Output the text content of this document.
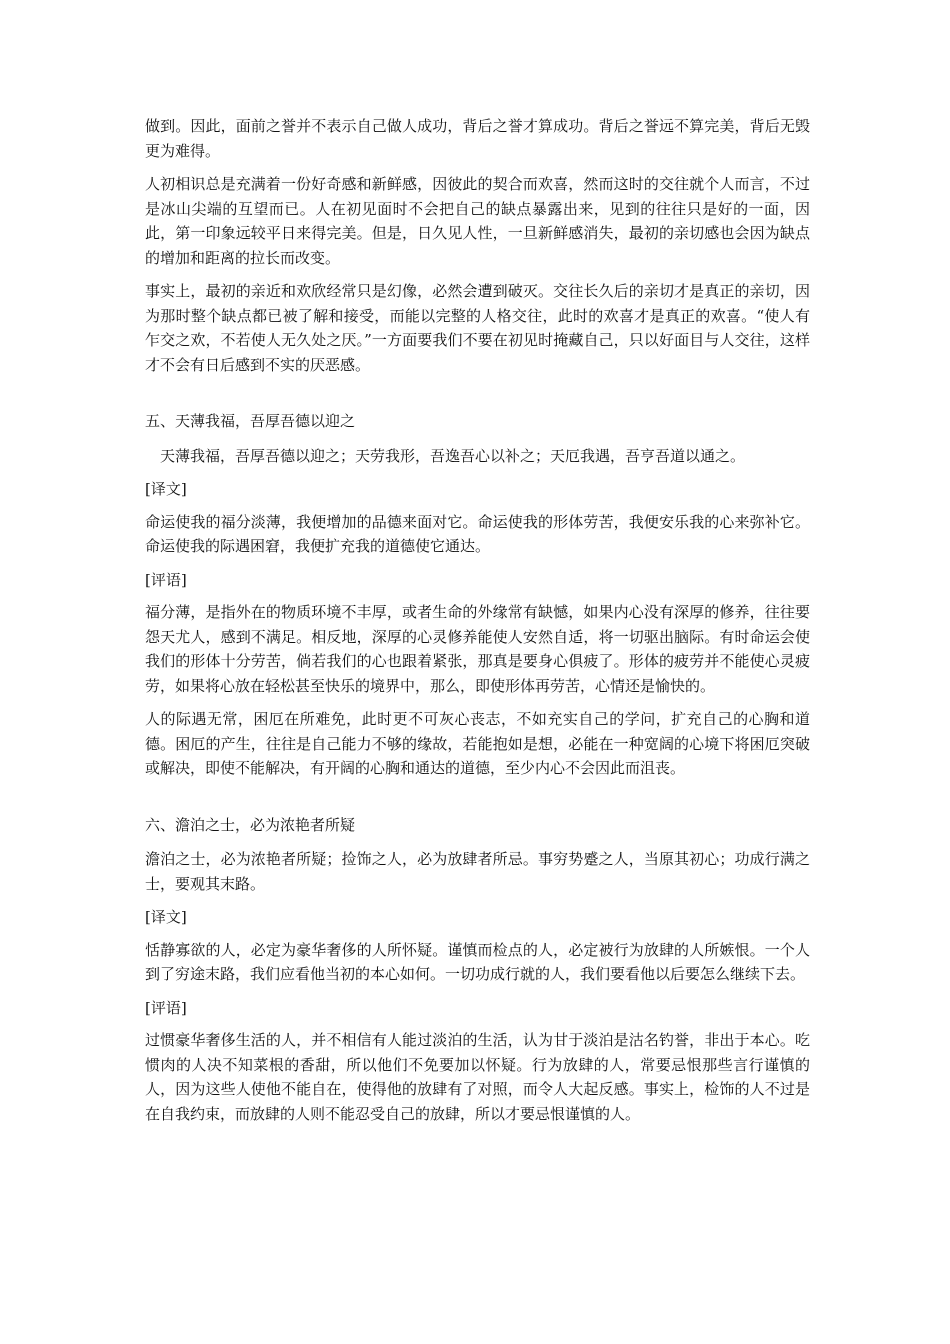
做到。因此，面前之誉并不表示自己做人成功，背后之誉才算成功。背后之誉远不算完美，背后无毁更为难得。

人初相识总是充满着一份好奇感和新鲜感，因彼此的契合而欢喜，然而这时的交往就个人而言，不过是冰山尖端的互望而已。人在初见面时不会把自己的缺点暴露出来，见到的往往只是好的一面，因此，第一印象远较平日来得完美。但是，日久见人性，一旦新鲜感消失，最初的亲切感也会因为缺点的增加和距离的拉长而改变。

事实上，最初的亲近和欢欣经常只是幻像，必然会遭到破灭。交往长久后的亲切才是真正的亲切，因为那时整个缺点都已被了解和接受，而能以完整的人格交往，此时的欢喜才是真正的欢喜。“使人有乍交之欢，不若使人无久处之厌。”一方面要我们不要在初见时掩藏自己，只以好面目与人交往，这样才不会有日后感到不实的厌恶感。

五、天薄我福，吾厚吾德以迎之

天薄我福，吾厚吾德以迎之；天劳我形，吾逸吾心以补之；天厄我遇，吾亨吾道以通之。

[译文]

命运使我的福分淡薄，我便增加的品德来面对它。命运使我的形体劳苦，我便安乐我的心来弥补它。命运使我的际遇困窘，我便扩充我的道德使它通达。

[评语]

福分薄，是指外在的物质环境不丰厚，或者生命的外缘常有缺憾，如果内心没有深厚的修养，往往要怨天尤人，感到不满足。相反地，深厚的心灵修养能使人安然自适，将一切驱出脑际。有时命运会使我们的形体十分劳苦，倘若我们的心也跟着紧张，那真是要身心俱疲了。形体的疲劳并不能使心灵疲劳，如果将心放在轻松甚至快乐的境界中，那么，即使形体再劳苦，心情还是愉快的。

人的际遇无常，困厄在所难免，此时更不可灰心丧志，不如充实自己的学问，扩充自己的心胸和道德。困厄的产生，往往是自己能力不够的缘故，若能抱如是想，必能在一种宽阔的心境下将困厄突破或解决，即使不能解决，有开阔的心胸和通达的道德，至少内心不会因此而沮丧。

六、澹泊之士，必为浓艳者所疑

澹泊之士，必为浓艳者所疑；捡饰之人，必为放肆者所忌。事穷势蹙之人，当原其初心；功成行满之士，要观其末路。

[译文]

恬静寡欲的人，必定为豪华奢侈的人所怀疑。谨慎而检点的人，必定被行为放肆的人所嫉恨。一个人到了穷途末路，我们应看他当初的本心如何。一切功成行就的人，我们要看他以后要怎么继续下去。

[评语]

过惯豪华奢侈生活的人，并不相信有人能过淡泊的生活，认为甘于淡泊是沽名钓誉，非出于本心。吃惯肉的人决不知菜根的香甜，所以他们不免要加以怀疑。行为放肆的人，常要忌恨那些言行谨慎的人，因为这些人使他不能自在，使得他的放肆有了对照，而令人大起反感。事实上，检饰的人不过是在自我约束，而放肆的人则不能忍受自己的放肆，所以才要忌恨谨慎的人。
